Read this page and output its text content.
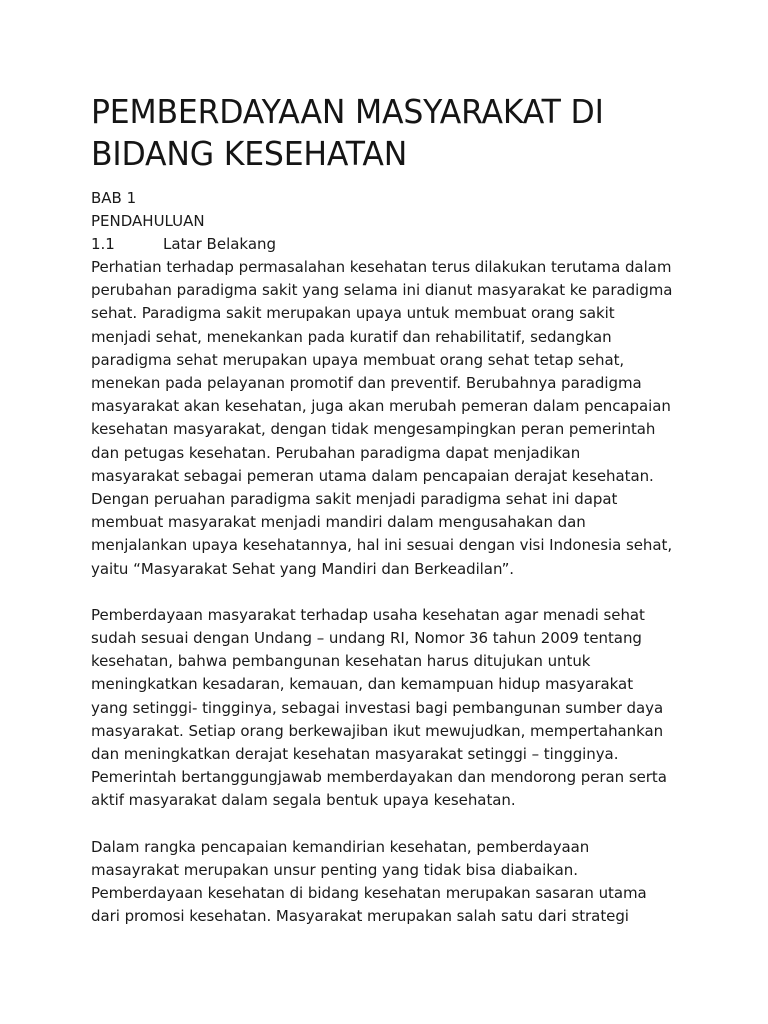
PEMBERDAYAAN MASYARAKAT DI
BIDANG KESEHATAN

BAB 1

PENDAHULUAN

1.1	Latar Belakang

Perhatian terhadap permasalahan kesehatan terus dilakukan terutama dalam
perubahan paradigma sakit yang selama ini dianut masyarakat ke paradigma
sehat. Paradigma sakit merupakan upaya untuk membuat orang sakit
menjadi sehat, menekankan pada kuratif dan rehabilitatif, sedangkan
paradigma sehat merupakan upaya membuat orang sehat tetap sehat,
menekan pada pelayanan promotif dan preventif. Berubahnya paradigma
masyarakat akan kesehatan, juga akan merubah pemeran dalam pencapaian
kesehatan masyarakat, dengan tidak mengesampingkan peran pemerintah
dan petugas kesehatan. Perubahan paradigma dapat menjadikan
masyarakat sebagai pemeran utama dalam pencapaian derajat kesehatan.
Dengan peruahan paradigma sakit menjadi paradigma sehat ini dapat
membuat masyarakat menjadi mandiri dalam mengusahakan dan
menjalankan upaya kesehatannya, hal ini sesuai dengan visi Indonesia sehat,
yaitu “Masyarakat Sehat yang Mandiri dan Berkeadilan”.

Pemberdayaan masyarakat terhadap usaha kesehatan agar menadi sehat
sudah sesuai dengan Undang – undang RI, Nomor 36 tahun 2009 tentang
kesehatan, bahwa pembangunan kesehatan harus ditujukan untuk
meningkatkan kesadaran, kemauan, dan kemampuan hidup masyarakat
yang setinggi- tingginya, sebagai investasi bagi pembangunan sumber daya
masyarakat. Setiap orang berkewajiban ikut mewujudkan, mempertahankan
dan meningkatkan derajat kesehatan masyarakat setinggi – tingginya.
Pemerintah bertanggungjawab memberdayakan dan mendorong peran serta
aktif masyarakat dalam segala bentuk upaya kesehatan.

Dalam rangka pencapaian kemandirian kesehatan, pemberdayaan
masayrakat merupakan unsur penting yang tidak bisa diabaikan.
Pemberdayaan kesehatan di bidang kesehatan merupakan sasaran utama
dari promosi kesehatan. Masyarakat merupakan salah satu dari strategi
